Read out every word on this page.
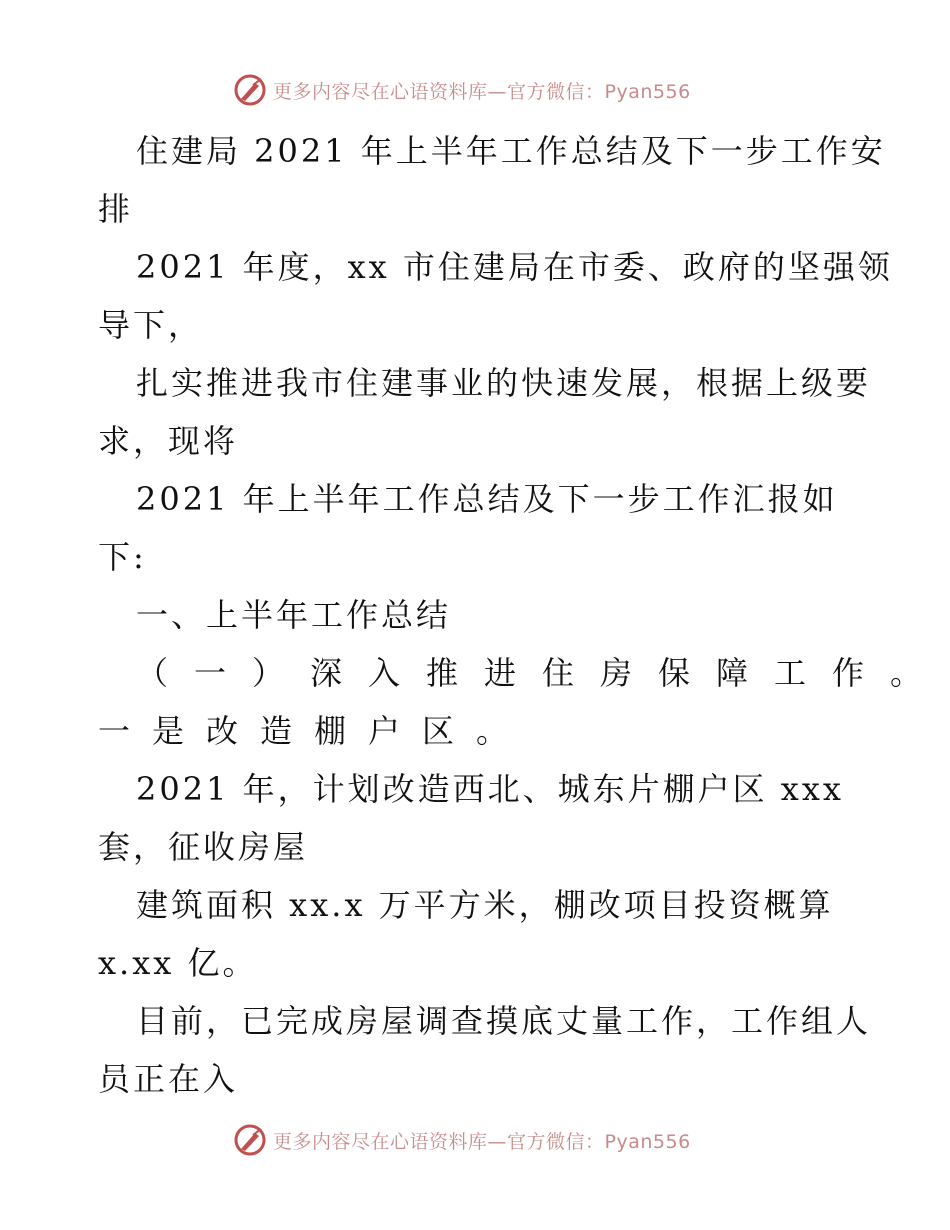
更多内容尽在心语资料库—官方微信：Pyan556
住建局 2021 年上半年工作总结及下一步工作安
排
2021 年度，xx 市住建局在市委、政府的坚强领
导下，
扎实推进我市住建事业的快速发展，根据上级要
求，现将
2021 年上半年工作总结及下一步工作汇报如
下:
一、上半年工作总结
（一）深入推进住房保障工作。
一是改造棚户区。
2021 年，计划改造西北、城东片棚户区 xxx
套，征收房屋
建筑面积 xx.x 万平方米，棚改项目投资概算
x.xx 亿。
目前，已完成房屋调查摸底丈量工作，工作组人
员正在入
更多内容尽在心语资料库—官方微信：Pyan556
